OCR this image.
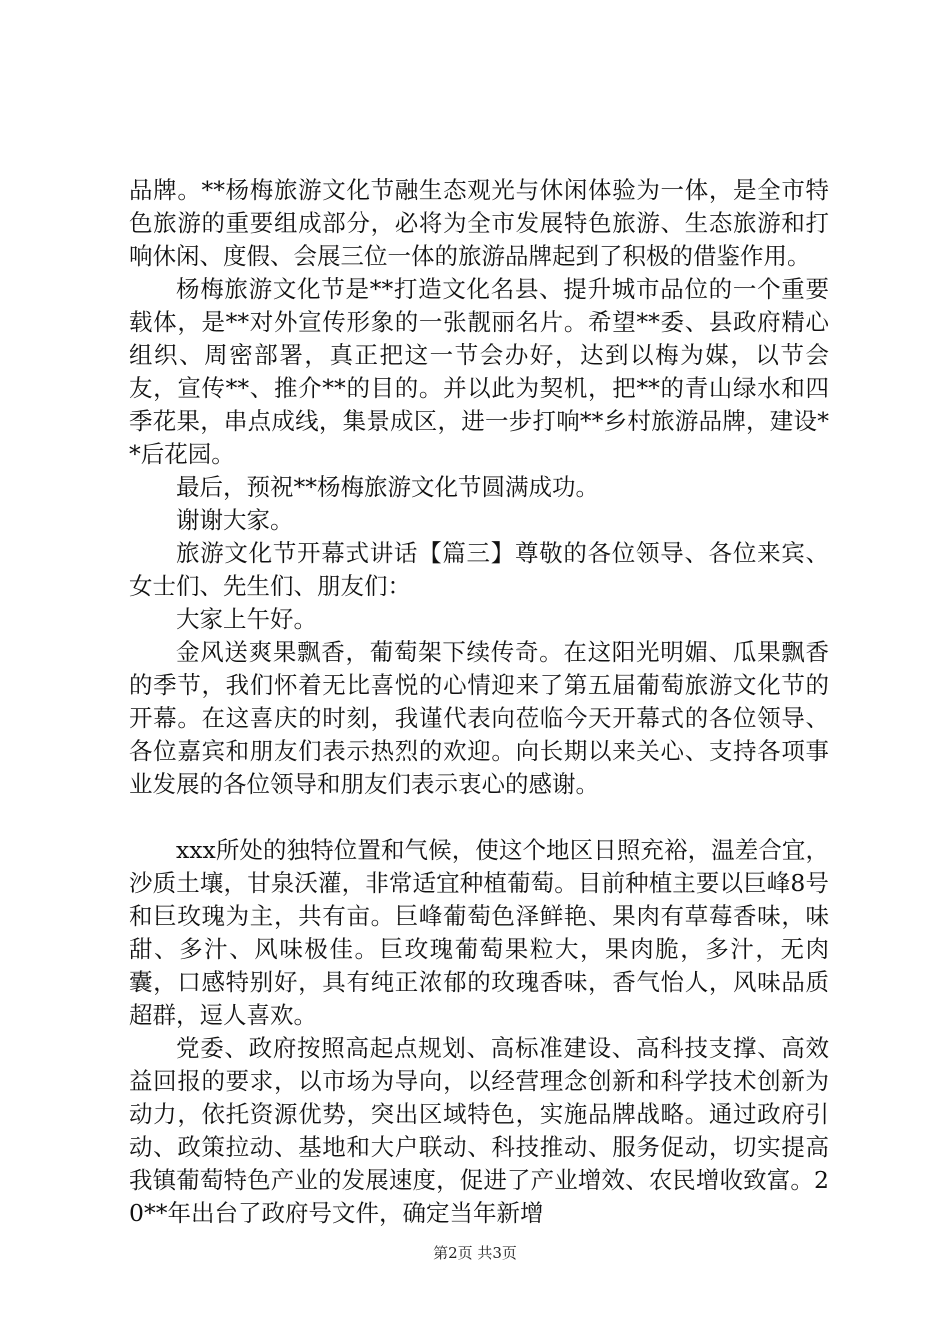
品牌。**杨梅旅游文化节融生态观光与休闲体验为一体，是全市特色旅游的重要组成部分，必将为全市发展特色旅游、生态旅游和打响休闲、度假、会展三位一体的旅游品牌起到了积极的借鉴作用。

杨梅旅游文化节是**打造文化名县、提升城市品位的一个重要载体，是**对外宣传形象的一张靓丽名片。希望**委、县政府精心组织、周密部署，真正把这一节会办好，达到以梅为媒，以节会友，宣传**、推介**的目的。并以此为契机，把**的青山绿水和四季花果，串点成线，集景成区，进一步打响**乡村旅游品牌，建设**后花园。

最后，预祝**杨梅旅游文化节圆满成功。

谢谢大家。

旅游文化节开幕式讲话【篇三】尊敬的各位领导、各位来宾、女士们、先生们、朋友们：

大家上午好。

金风送爽果飘香，葡萄架下续传奇。在这阳光明媚、瓜果飘香的季节，我们怀着无比喜悦的心情迎来了第五届葡萄旅游文化节的开幕。在这喜庆的时刻，我谨代表向莅临今天开幕式的各位领导、各位嘉宾和朋友们表示热烈的欢迎。向长期以来关心、支持各项事业发展的各位领导和朋友们表示衷心的感谢。

xxx所处的独特位置和气候，使这个地区日照充裕，温差合宜，沙质土壤，甘泉沃灌，非常适宜种植葡萄。目前种植主要以巨峰8号和巨玫瑰为主，共有亩。巨峰葡萄色泽鲜艳、果肉有草莓香味，味甜、多汁、风味极佳。巨玫瑰葡萄果粒大，果肉脆，多汁，无肉囊，口感特别好，具有纯正浓郁的玫瑰香味，香气怡人，风味品质超群，逗人喜欢。

党委、政府按照高起点规划、高标准建设、高科技支撑、高效益回报的要求，以市场为导向，以经营理念创新和科学技术创新为动力，依托资源优势，突出区域特色，实施品牌战略。通过政府引动、政策拉动、基地和大户联动、科技推动、服务促动，切实提高我镇葡萄特色产业的发展速度，促进了产业增效、农民增收致富。20**年出台了政府号文件，确定当年新增

第2页 共3页
